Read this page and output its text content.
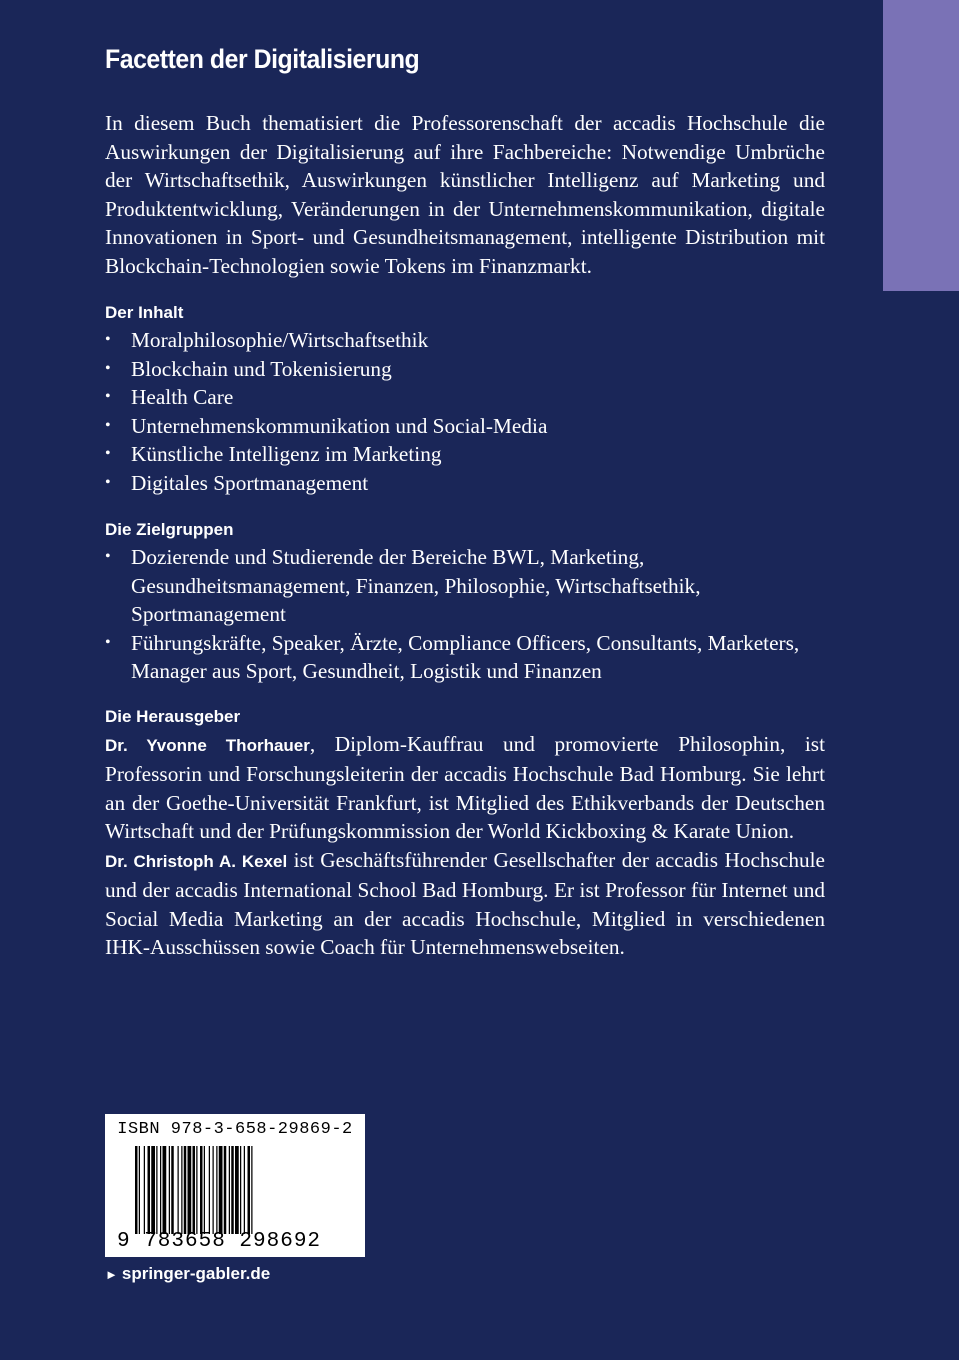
Facetten der Digitalisierung

In diesem Buch thematisiert die Professorenschaft der accadis Hochschule die Auswirkungen der Digitalisierung auf ihre Fachbereiche: Notwendige Umbrüche der Wirtschaftsethik, Auswirkungen künstlicher Intelligenz auf Marketing und Produktentwicklung, Veränderungen in der Unternehmenskommunikation, digitale Innovationen in Sport- und Gesundheitsmanagement, intelligente Distribution mit Blockchain-Technologien sowie Tokens im Finanzmarkt.

Der Inhalt
• Moralphilosophie/Wirtschaftsethik
• Blockchain und Tokenisierung
• Health Care
• Unternehmenskommunikation und Social-Media
• Künstliche Intelligenz im Marketing
• Digitales Sportmanagement
Die Zielgruppen
• Dozierende und Studierende der Bereiche BWL, Marketing, Gesundheitsmanagement, Finanzen, Philosophie, Wirtschaftsethik, Sportmanagement
• Führungskräfte, Speaker, Ärzte, Compliance Officers, Consultants, Marketers, Manager aus Sport, Gesundheit, Logistik und Finanzen
Die Herausgeber

Dr. Yvonne Thorhauer, Diplom-Kauffrau und promovierte Philosophin, ist Professorin und Forschungsleiterin der accadis Hochschule Bad Homburg. Sie lehrt an der Goethe-Universität Frankfurt, ist Mitglied des Ethikverbands der Deutschen Wirtschaft und der Prüfungskommission der World Kickboxing & Karate Union.

Dr. Christoph A. Kexel ist Geschäftsführender Gesellschafter der accadis Hochschule und der accadis International School Bad Homburg. Er ist Professor für Internet und Social Media Marketing an der accadis Hochschule, Mitglied in verschiedenen IHK-Ausschüssen sowie Coach für Unternehmenswebseiten.

ISBN 978-3-658-29869-2
9 783658 298692
► springer-gabler.de
